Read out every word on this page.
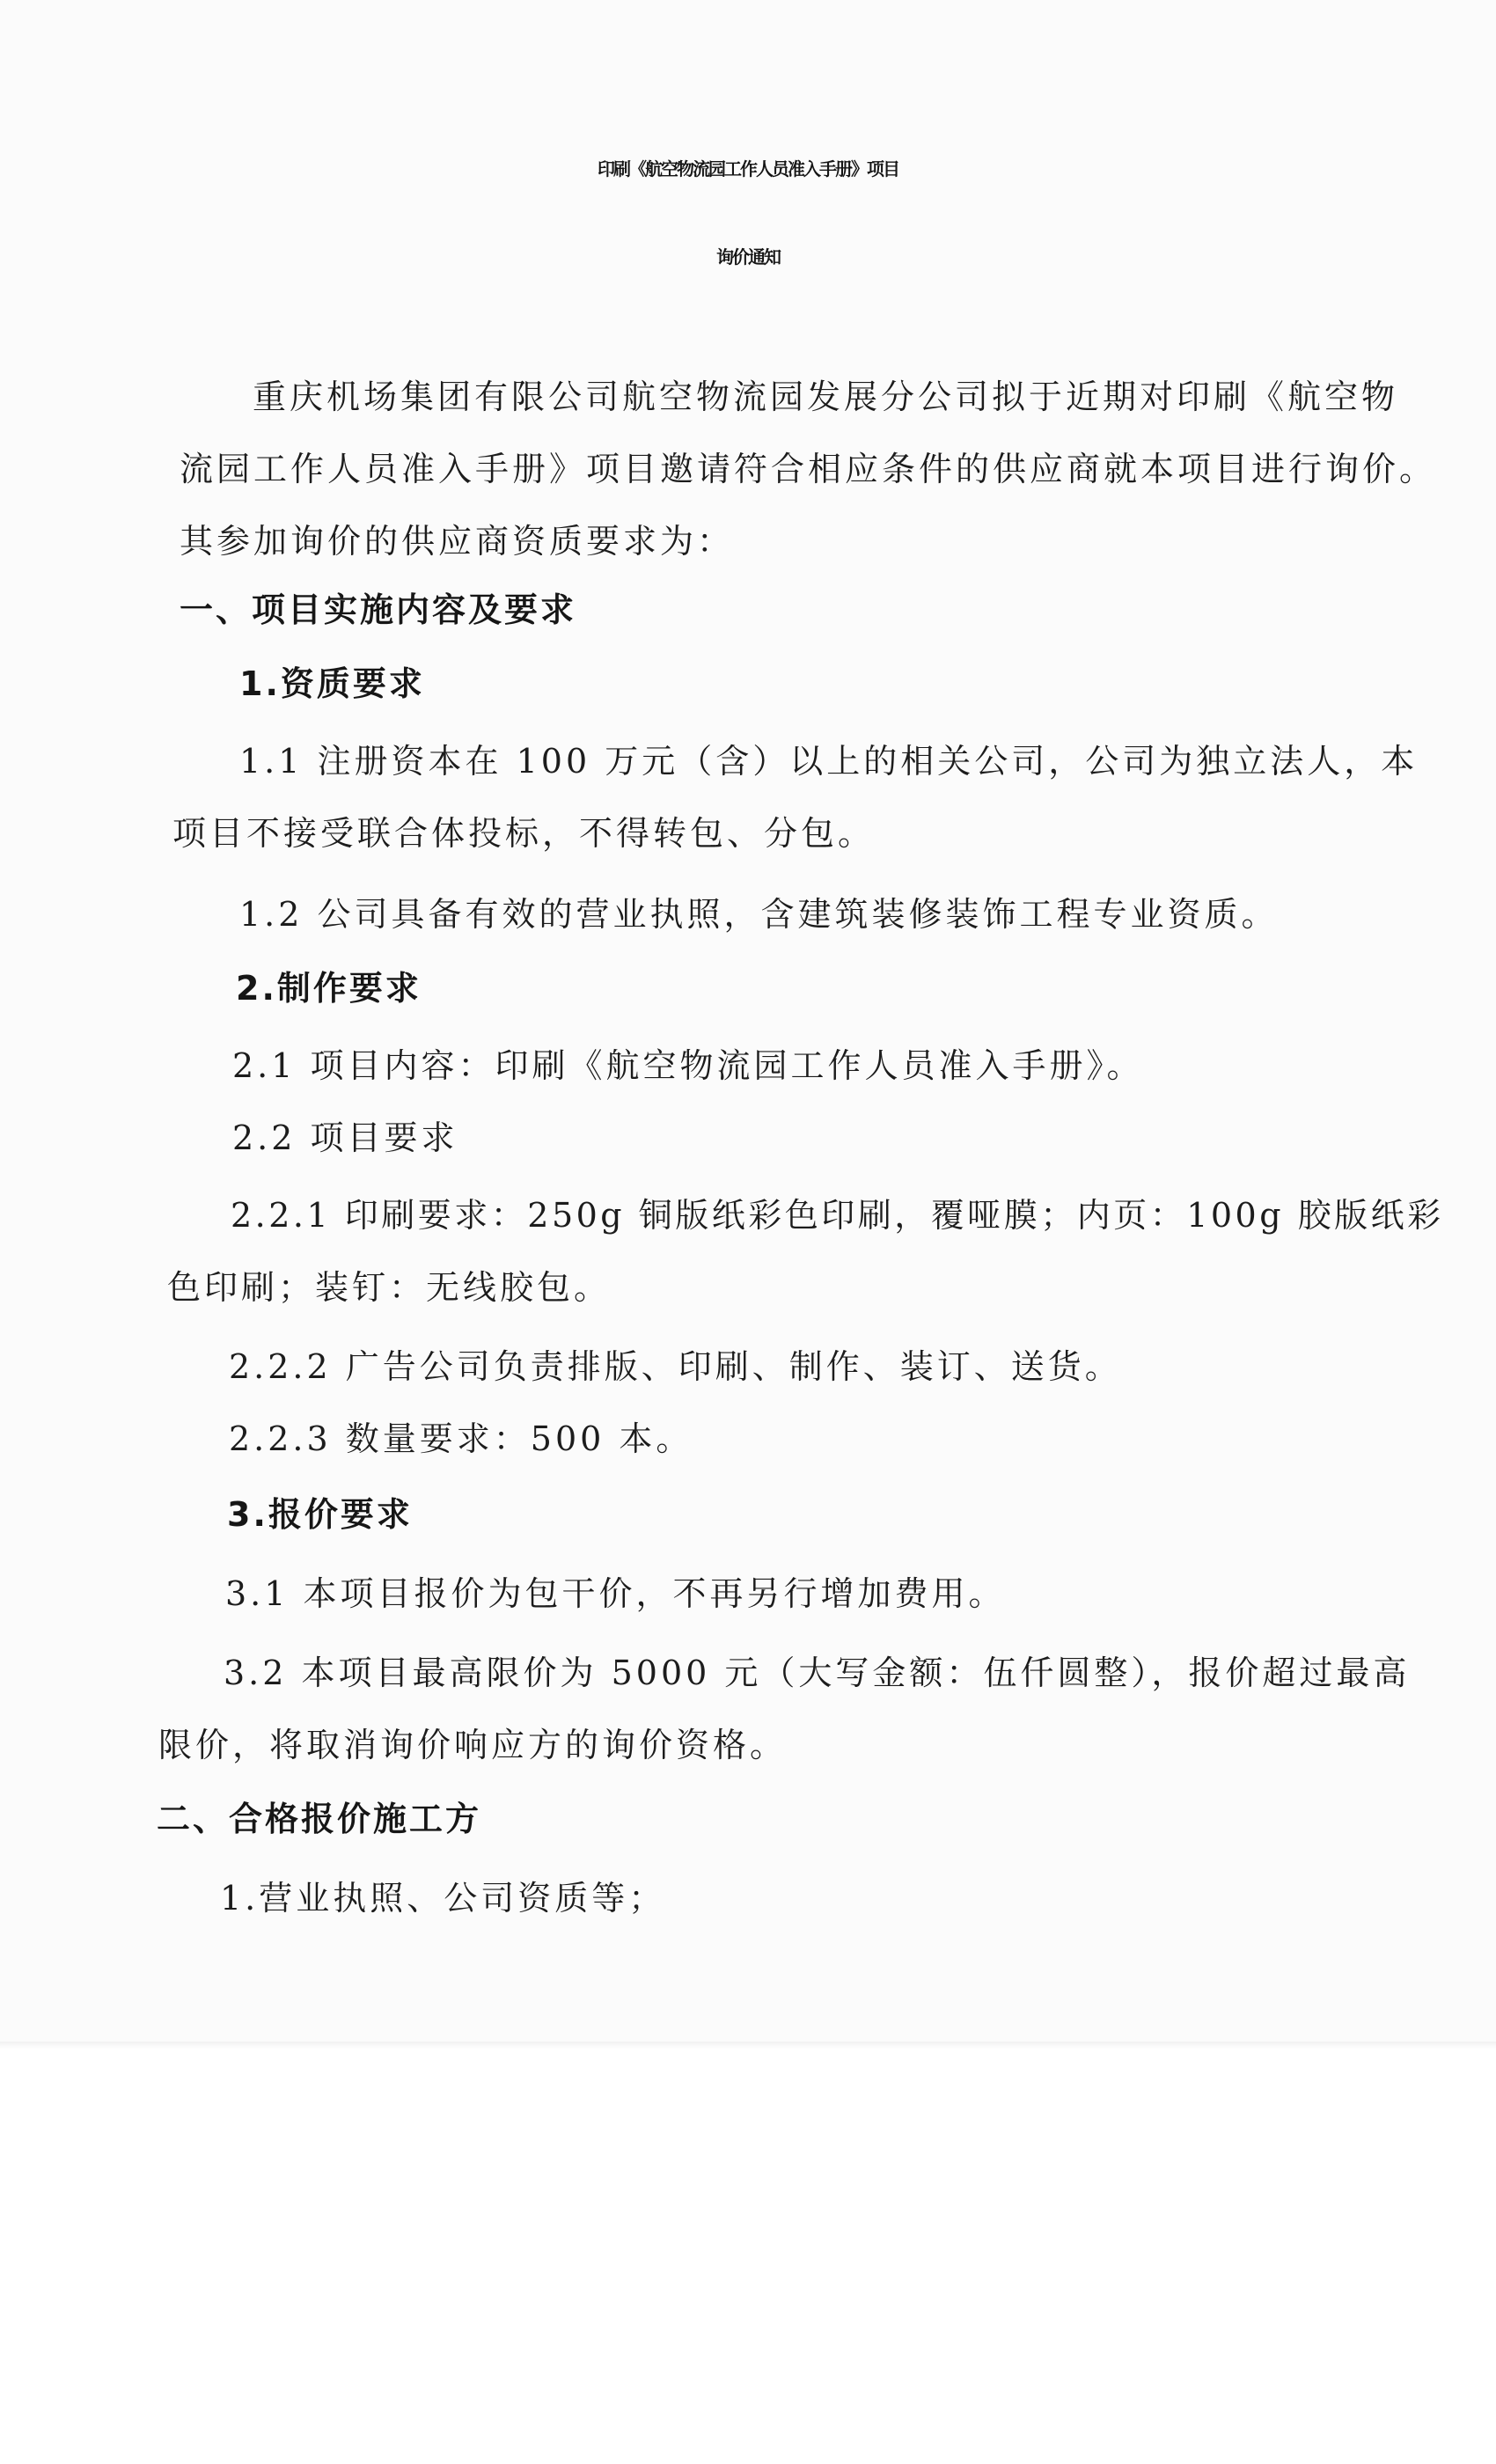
印刷《航空物流园工作人员准入手册》项目
询价通知
重庆机场集团有限公司航空物流园发展分公司拟于近期对印刷《航空物
流园工作人员准入手册》项目邀请符合相应条件的供应商就本项目进行询价。
其参加询价的供应商资质要求为：
一、项目实施内容及要求
1.资质要求
1.1 注册资本在 100 万元（含）以上的相关公司，公司为独立法人，本
项目不接受联合体投标，不得转包、分包。
1.2 公司具备有效的营业执照，含建筑装修装饰工程专业资质。
2.制作要求
2.1 项目内容：印刷《航空物流园工作人员准入手册》。
2.2 项目要求
2.2.1 印刷要求：250g 铜版纸彩色印刷，覆哑膜；内页：100g 胶版纸彩
色印刷；装钉：无线胶包。
2.2.2 广告公司负责排版、印刷、制作、装订、送货。
2.2.3 数量要求：500 本。
3.报价要求
3.1 本项目报价为包干价，不再另行增加费用。
3.2 本项目最高限价为 5000 元（大写金额：伍仟圆整），报价超过最高
限价，将取消询价响应方的询价资格。
二、合格报价施工方
1.营业执照、公司资质等；
